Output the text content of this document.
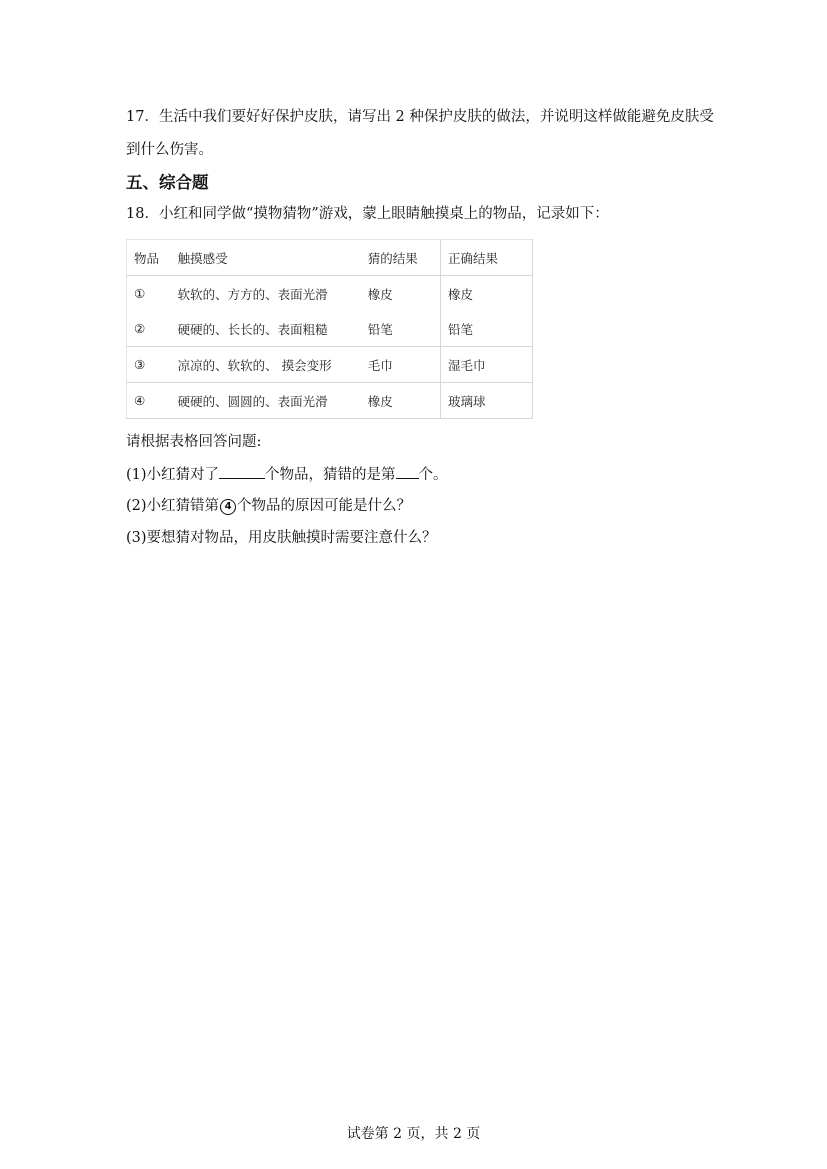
17．生活中我们要好好保护皮肤，请写出 2 种保护皮肤的做法，并说明这样做能避免皮肤受
到什么伤害。
五、综合题
18．小红和同学做“摸物猜物”游戏，蒙上眼睛触摸桌上的物品，记录如下：
物品	触摸感受	猜的结果	正确结果
①	软软的、方方的、表面光滑	橡皮	橡皮
②	硬硬的、长长的、表面粗糙	铅笔	铅笔
③	凉凉的、软软的、 摸会变形	毛巾	湿毛巾
④	硬硬的、圆圆的、表面光滑	橡皮	玻璃球
请根据表格回答问题:
(1)小红猜对了	个物品，猜错的是第 个。
(2)小红猜错第 4 个物品的原因可能是什么？
(3)要想猜对物品，用皮肤触摸时需要注意什么？
试卷第 2 页，共 2 页
